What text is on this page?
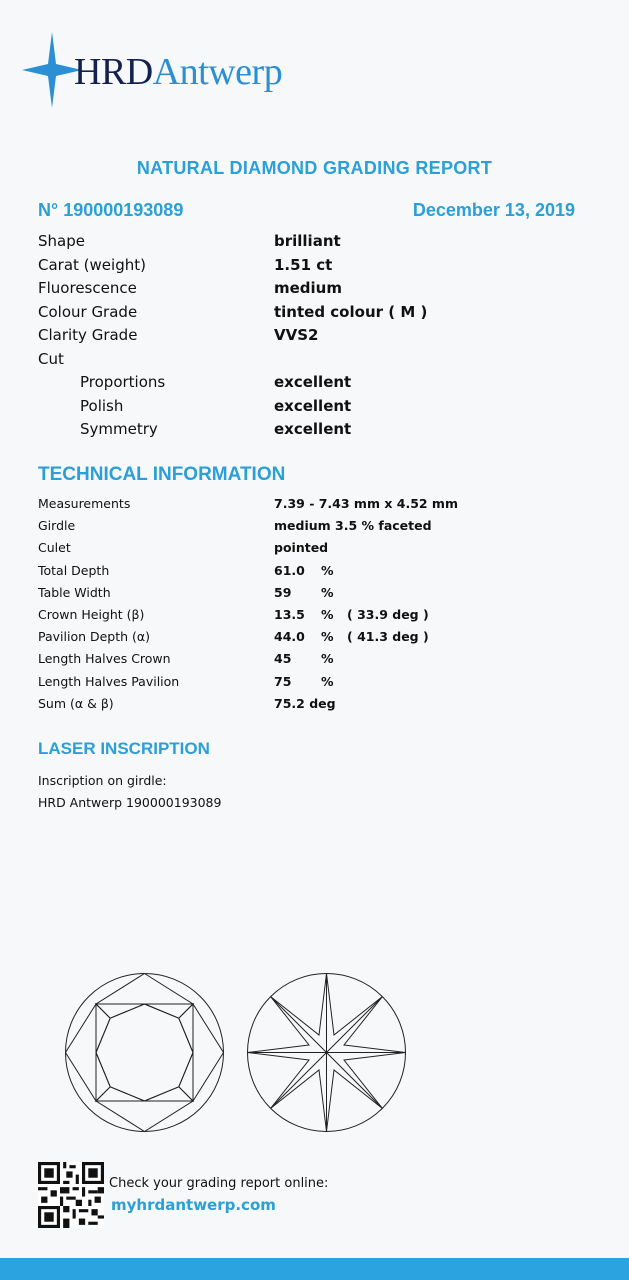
HRDAntwerp
NATURAL DIAMOND GRADING REPORT
N° 190000193089	December 13, 2019
Shape	brilliant
Carat (weight)	1.51 ct
Fluorescence	medium
Colour Grade	tinted colour ( M )
Clarity Grade	VVS2
Cut
Proportions	excellent
Polish	excellent
Symmetry	excellent
TECHNICAL INFORMATION
Measurements	7.39 - 7.43 mm x 4.52 mm
Girdle	medium 3.5 % faceted
Culet	pointed
Total Depth	61.0 %
Table Width	59 %
Crown Height (β)	13.5 % ( 33.9 deg )
Pavilion Depth (α)	44.0 % ( 41.3 deg )
Length Halves Crown	45 %
Length Halves Pavilion	75 %
Sum (α & β)	75.2 deg
LASER INSCRIPTION
Inscription on girdle:
HRD Antwerp 190000193089
Check your grading report online:
myhrdantwerp.com
